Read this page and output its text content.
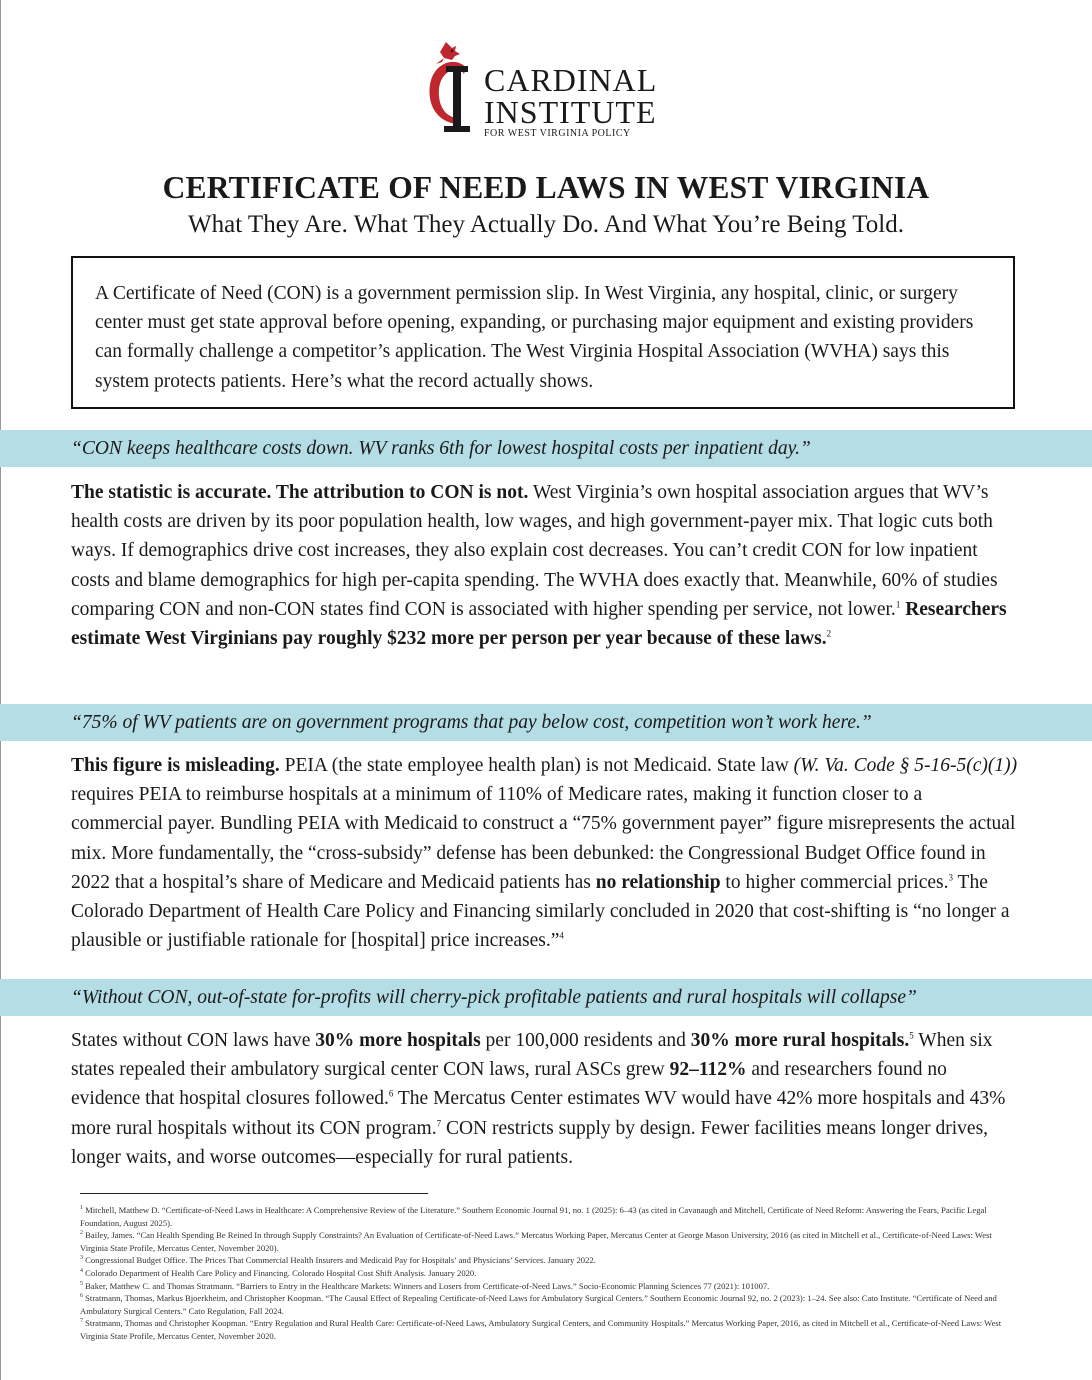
CARDINAL
INSTITUTE
FOR WEST VIRGINIA POLICY
CERTIFICATE OF NEED LAWS IN WEST VIRGINIA
What They Are. What They Actually Do. And What You’re Being Told.

A Certificate of Need (CON) is a government permission slip. In West Virginia, any hospital, clinic, or surgery center must get state approval before opening, expanding, or purchasing major equipment and existing providers can formally challenge a competitor’s application. The West Virginia Hospital Association (WVHA) says this system protects patients. Here’s what the record actually shows.

“CON keeps healthcare costs down. WV ranks 6th for lowest hospital costs per inpatient day.”

The statistic is accurate. The attribution to CON is not. West Virginia’s own hospital association argues that WV’s health costs are driven by its poor population health, low wages, and high government-payer mix. That logic cuts both ways. If demographics drive cost increases, they also explain cost decreases. You can’t credit CON for low inpatient costs and blame demographics for high per-capita spending. The WVHA does exactly that. Meanwhile, 60% of studies comparing CON and non-CON states find CON is associated with higher spending per service, not lower.$^1$ Researchers estimate West Virginians pay roughly $232 more per person per year because of these laws.$^2$

“75% of WV patients are on government programs that pay below cost, competition won’t work here.”

This figure is misleading. PEIA (the state employee health plan) is not Medicaid. State law (W. Va. Code § 5-16-5(c)(1)) requires PEIA to reimburse hospitals at a minimum of 110% of Medicare rates, making it function closer to a commercial payer. Bundling PEIA with Medicaid to construct a “75% government payer” figure misrepresents the actual mix. More fundamentally, the “cross-subsidy” defense has been debunked: the Congressional Budget Office found in 2022 that a hospital’s share of Medicare and Medicaid patients has no relationship to higher commercial prices.$^3$ The Colorado Department of Health Care Policy and Financing similarly concluded in 2020 that cost-shifting is “no longer a plausible or justifiable rationale for [hospital] price increases.”$^4$

“Without CON, out-of-state for-profits will cherry-pick profitable patients and rural hospitals will collapse”

States without CON laws have 30% more hospitals per 100,000 residents and 30% more rural hospitals.$^5$ When six states repealed their ambulatory surgical center CON laws, rural ASCs grew 92–112% and researchers found no evidence that hospital closures followed.$^6$ The Mercatus Center estimates WV would have 42% more hospitals and 43% more rural hospitals without its CON program.$^7$ CON restricts supply by design. Fewer facilities means longer drives, longer waits, and worse outcomes—especially for rural patients.

$^1$ Mitchell, Matthew D. “Certificate-of-Need Laws in Healthcare: A Comprehensive Review of the Literature.” Southern Economic Journal 91, no. 1 (2025): 6–43 (as cited in Cavanaugh and Mitchell, Certificate of Need Reform: Answering the Fears, Pacific Legal Foundation, August 2025).

$^2$ Bailey, James. “Can Health Spending Be Reined In through Supply Constraints? An Evaluation of Certificate-of-Need Laws.” Mercatus Working Paper, Mercatus Center at George Mason University, 2016 (as cited in Mitchell et al., Certificate-of-Need Laws: West Virginia State Profile, Mercatus Center, November 2020).

$^3$ Congressional Budget Office. The Prices That Commercial Health Insurers and Medicaid Pay for Hospitals’ and Physicians’ Services. January 2022.

$^4$ Colorado Department of Health Care Policy and Financing. Colorado Hospital Cost Shift Analysis. January 2020.

$^5$ Baker, Matthew C. and Thomas Stratmann. “Barriers to Entry in the Healthcare Markets: Winners and Losers from Certificate-of-Need Laws.” Socio-Economic Planning Sciences 77 (2021): 101007.

$^6$ Stratmann, Thomas, Markus Bjoerkheim, and Christopher Koopman. “The Causal Effect of Repealing Certificate-of-Need Laws for Ambulatory Surgical Centers.” Southern Economic Journal 92, no. 2 (2023): 1–24. See also: Cato Institute. “Certificate of Need and Ambulatory Surgical Centers.” Cato Regulation, Fall 2024.

$^7$ Stratmann, Thomas and Christopher Koopman. “Entry Regulation and Rural Health Care: Certificate-of-Need Laws, Ambulatory Surgical Centers, and Community Hospitals.” Mercatus Working Paper, 2016, as cited in Mitchell et al., Certificate-of-Need Laws: West Virginia State Profile, Mercatus Center, November 2020.
